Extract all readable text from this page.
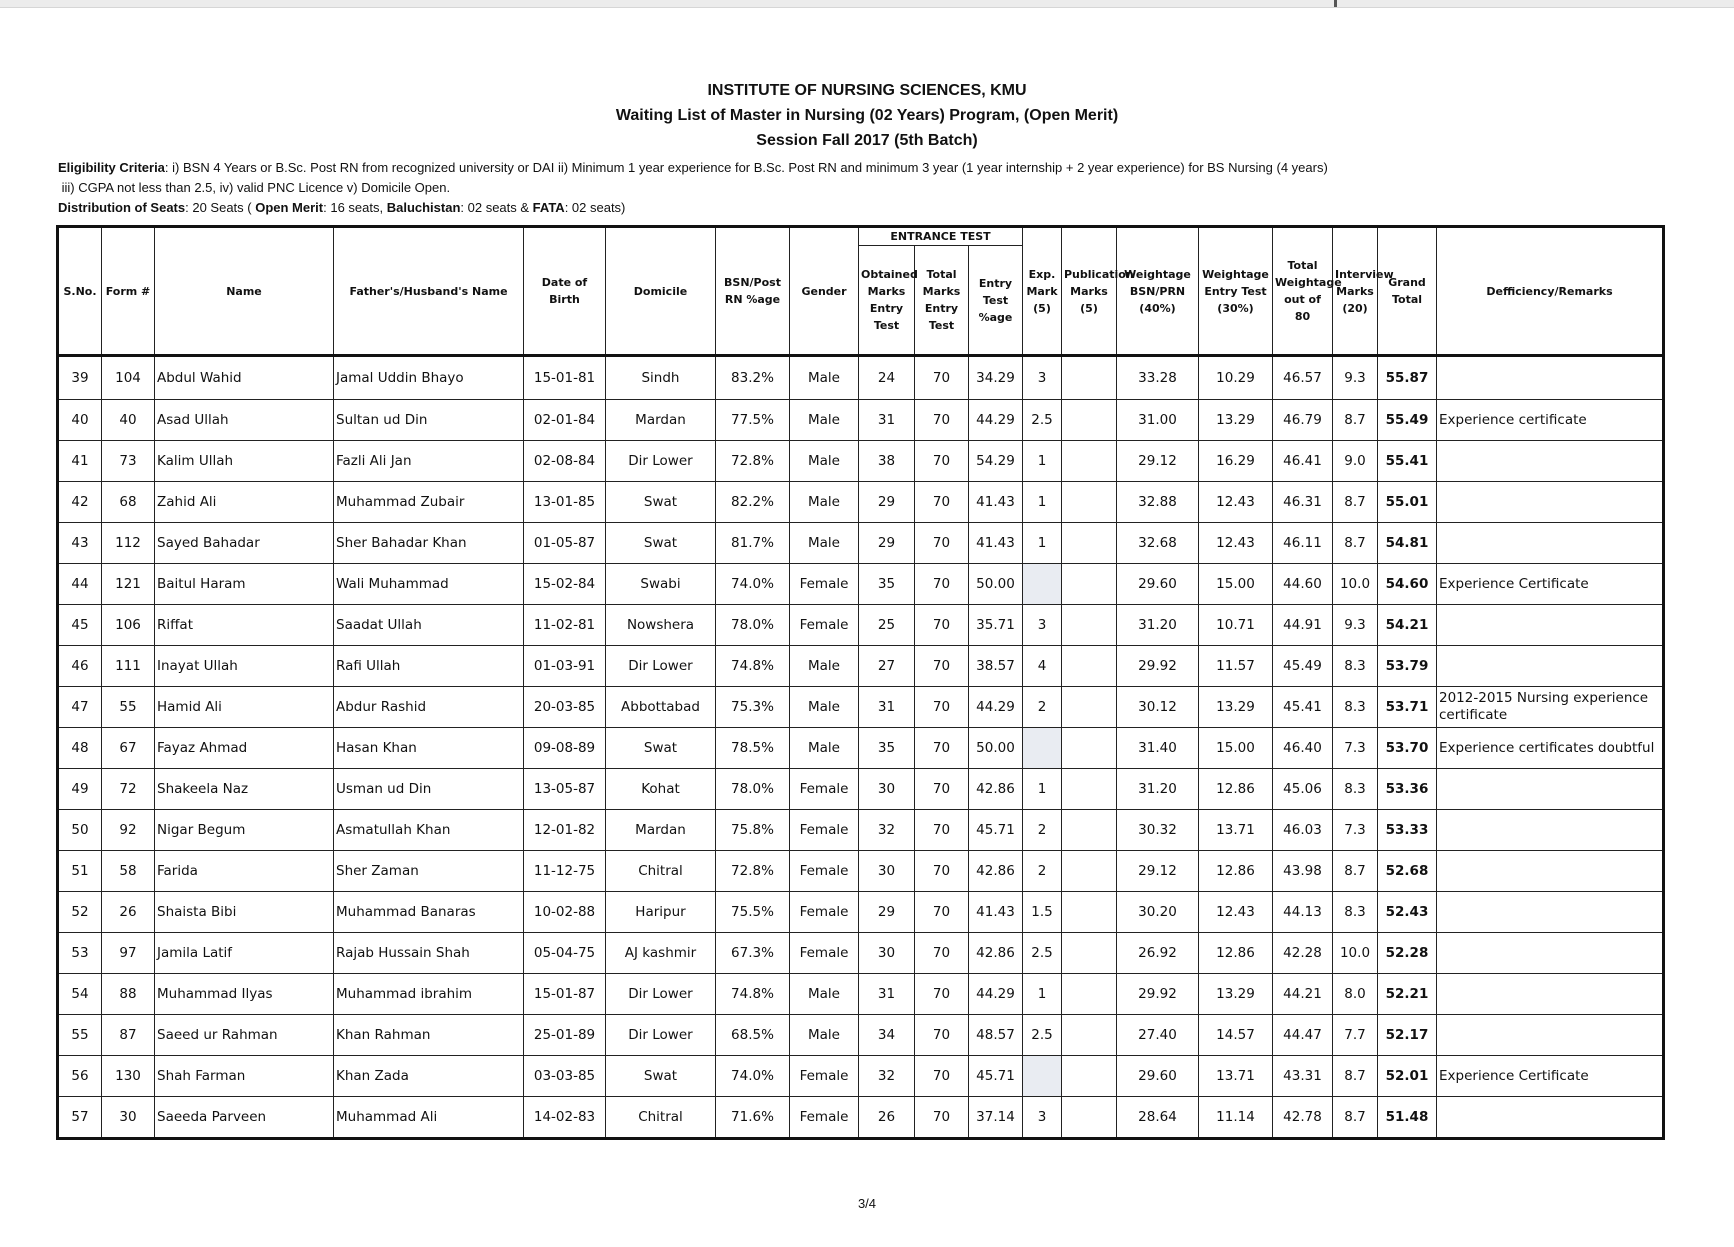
INSTITUTE OF NURSING SCIENCES, KMU
Waiting List of Master in Nursing (02 Years) Program, (Open Merit)
Session Fall 2017 (5th Batch)
Eligibility Criteria: i) BSN 4 Years or B.Sc. Post RN from recognized university or DAI ii) Minimum 1 year experience for B.Sc. Post RN and minimum 3 year (1 year internship + 2 year experience) for BS Nursing (4 years)
iii) CGPA not less than 2.5, iv) valid PNC Licence v) Domicile Open.
Distribution of Seats: 20 Seats ( Open Merit: 16 seats, Baluchistan: 02 seats & FATA: 02 seats)
S.No.	Form #	Name	Father's/Husband's Name	Date of Birth	Domicile	BSN/Post RN %age	Gender	ENTRANCE TEST			Exp. Mark (5)	Publication Marks (5)	Weightage BSN/PRN (40%)	Weightage Entry Test (30%)	Total Weightage out of 80	Interview Marks (20)	Grand Total	Defficiency/Remarks
								Obtained Marks Entry Test	Total Marks Entry Test	Entry Test %age								
39	104	Abdul Wahid	Jamal Uddin Bhayo	15-01-81	Sindh	83.2%	Male	24	70	34.29	3		33.28	10.29	46.57	9.3	55.87	
40	40	Asad Ullah	Sultan ud Din	02-01-84	Mardan	77.5%	Male	31	70	44.29	2.5		31.00	13.29	46.79	8.7	55.49	Experience certificate
41	73	Kalim Ullah	Fazli Ali Jan	02-08-84	Dir Lower	72.8%	Male	38	70	54.29	1		29.12	16.29	46.41	9.0	55.41	
42	68	Zahid Ali	Muhammad Zubair	13-01-85	Swat	82.2%	Male	29	70	41.43	1		32.88	12.43	46.31	8.7	55.01	
43	112	Sayed Bahadar	Sher Bahadar Khan	01-05-87	Swat	81.7%	Male	29	70	41.43	1		32.68	12.43	46.11	8.7	54.81	
44	121	Baitul Haram	Wali Muhammad	15-02-84	Swabi	74.0%	Female	35	70	50.00			29.60	15.00	44.60	10.0	54.60	Experience Certificate
45	106	Riffat	Saadat Ullah	11-02-81	Nowshera	78.0%	Female	25	70	35.71	3		31.20	10.71	44.91	9.3	54.21	
46	111	Inayat Ullah	Rafi Ullah	01-03-91	Dir Lower	74.8%	Male	27	70	38.57	4		29.92	11.57	45.49	8.3	53.79	
47	55	Hamid Ali	Abdur Rashid	20-03-85	Abbottabad	75.3%	Male	31	70	44.29	2		30.12	13.29	45.41	8.3	53.71	2012-2015 Nursing experience certificate
48	67	Fayaz Ahmad	Hasan Khan	09-08-89	Swat	78.5%	Male	35	70	50.00			31.40	15.00	46.40	7.3	53.70	Experience certificates doubtful
49	72	Shakeela Naz	Usman ud Din	13-05-87	Kohat	78.0%	Female	30	70	42.86	1		31.20	12.86	45.06	8.3	53.36	
50	92	Nigar Begum	Asmatullah Khan	12-01-82	Mardan	75.8%	Female	32	70	45.71	2		30.32	13.71	46.03	7.3	53.33	
51	58	Farida	Sher Zaman	11-12-75	Chitral	72.8%	Female	30	70	42.86	2		29.12	12.86	43.98	8.7	52.68	
52	26	Shaista Bibi	Muhammad Banaras	10-02-88	Haripur	75.5%	Female	29	70	41.43	1.5		30.20	12.43	44.13	8.3	52.43	
53	97	Jamila Latif	Rajab Hussain Shah	05-04-75	AJ kashmir	67.3%	Female	30	70	42.86	2.5		26.92	12.86	42.28	10.0	52.28	
54	88	Muhammad Ilyas	Muhammad ibrahim	15-01-87	Dir Lower	74.8%	Male	31	70	44.29	1		29.92	13.29	44.21	8.0	52.21	
55	87	Saeed ur Rahman	Khan Rahman	25-01-89	Dir Lower	68.5%	Male	34	70	48.57	2.5		27.40	14.57	44.47	7.7	52.17	
56	130	Shah Farman	Khan Zada	03-03-85	Swat	74.0%	Female	32	70	45.71			29.60	13.71	43.31	8.7	52.01	Experience Certificate
57	30	Saeeda Parveen	Muhammad Ali	14-02-83	Chitral	71.6%	Female	26	70	37.14	3		28.64	11.14	42.78	8.7	51.48	
3/4
